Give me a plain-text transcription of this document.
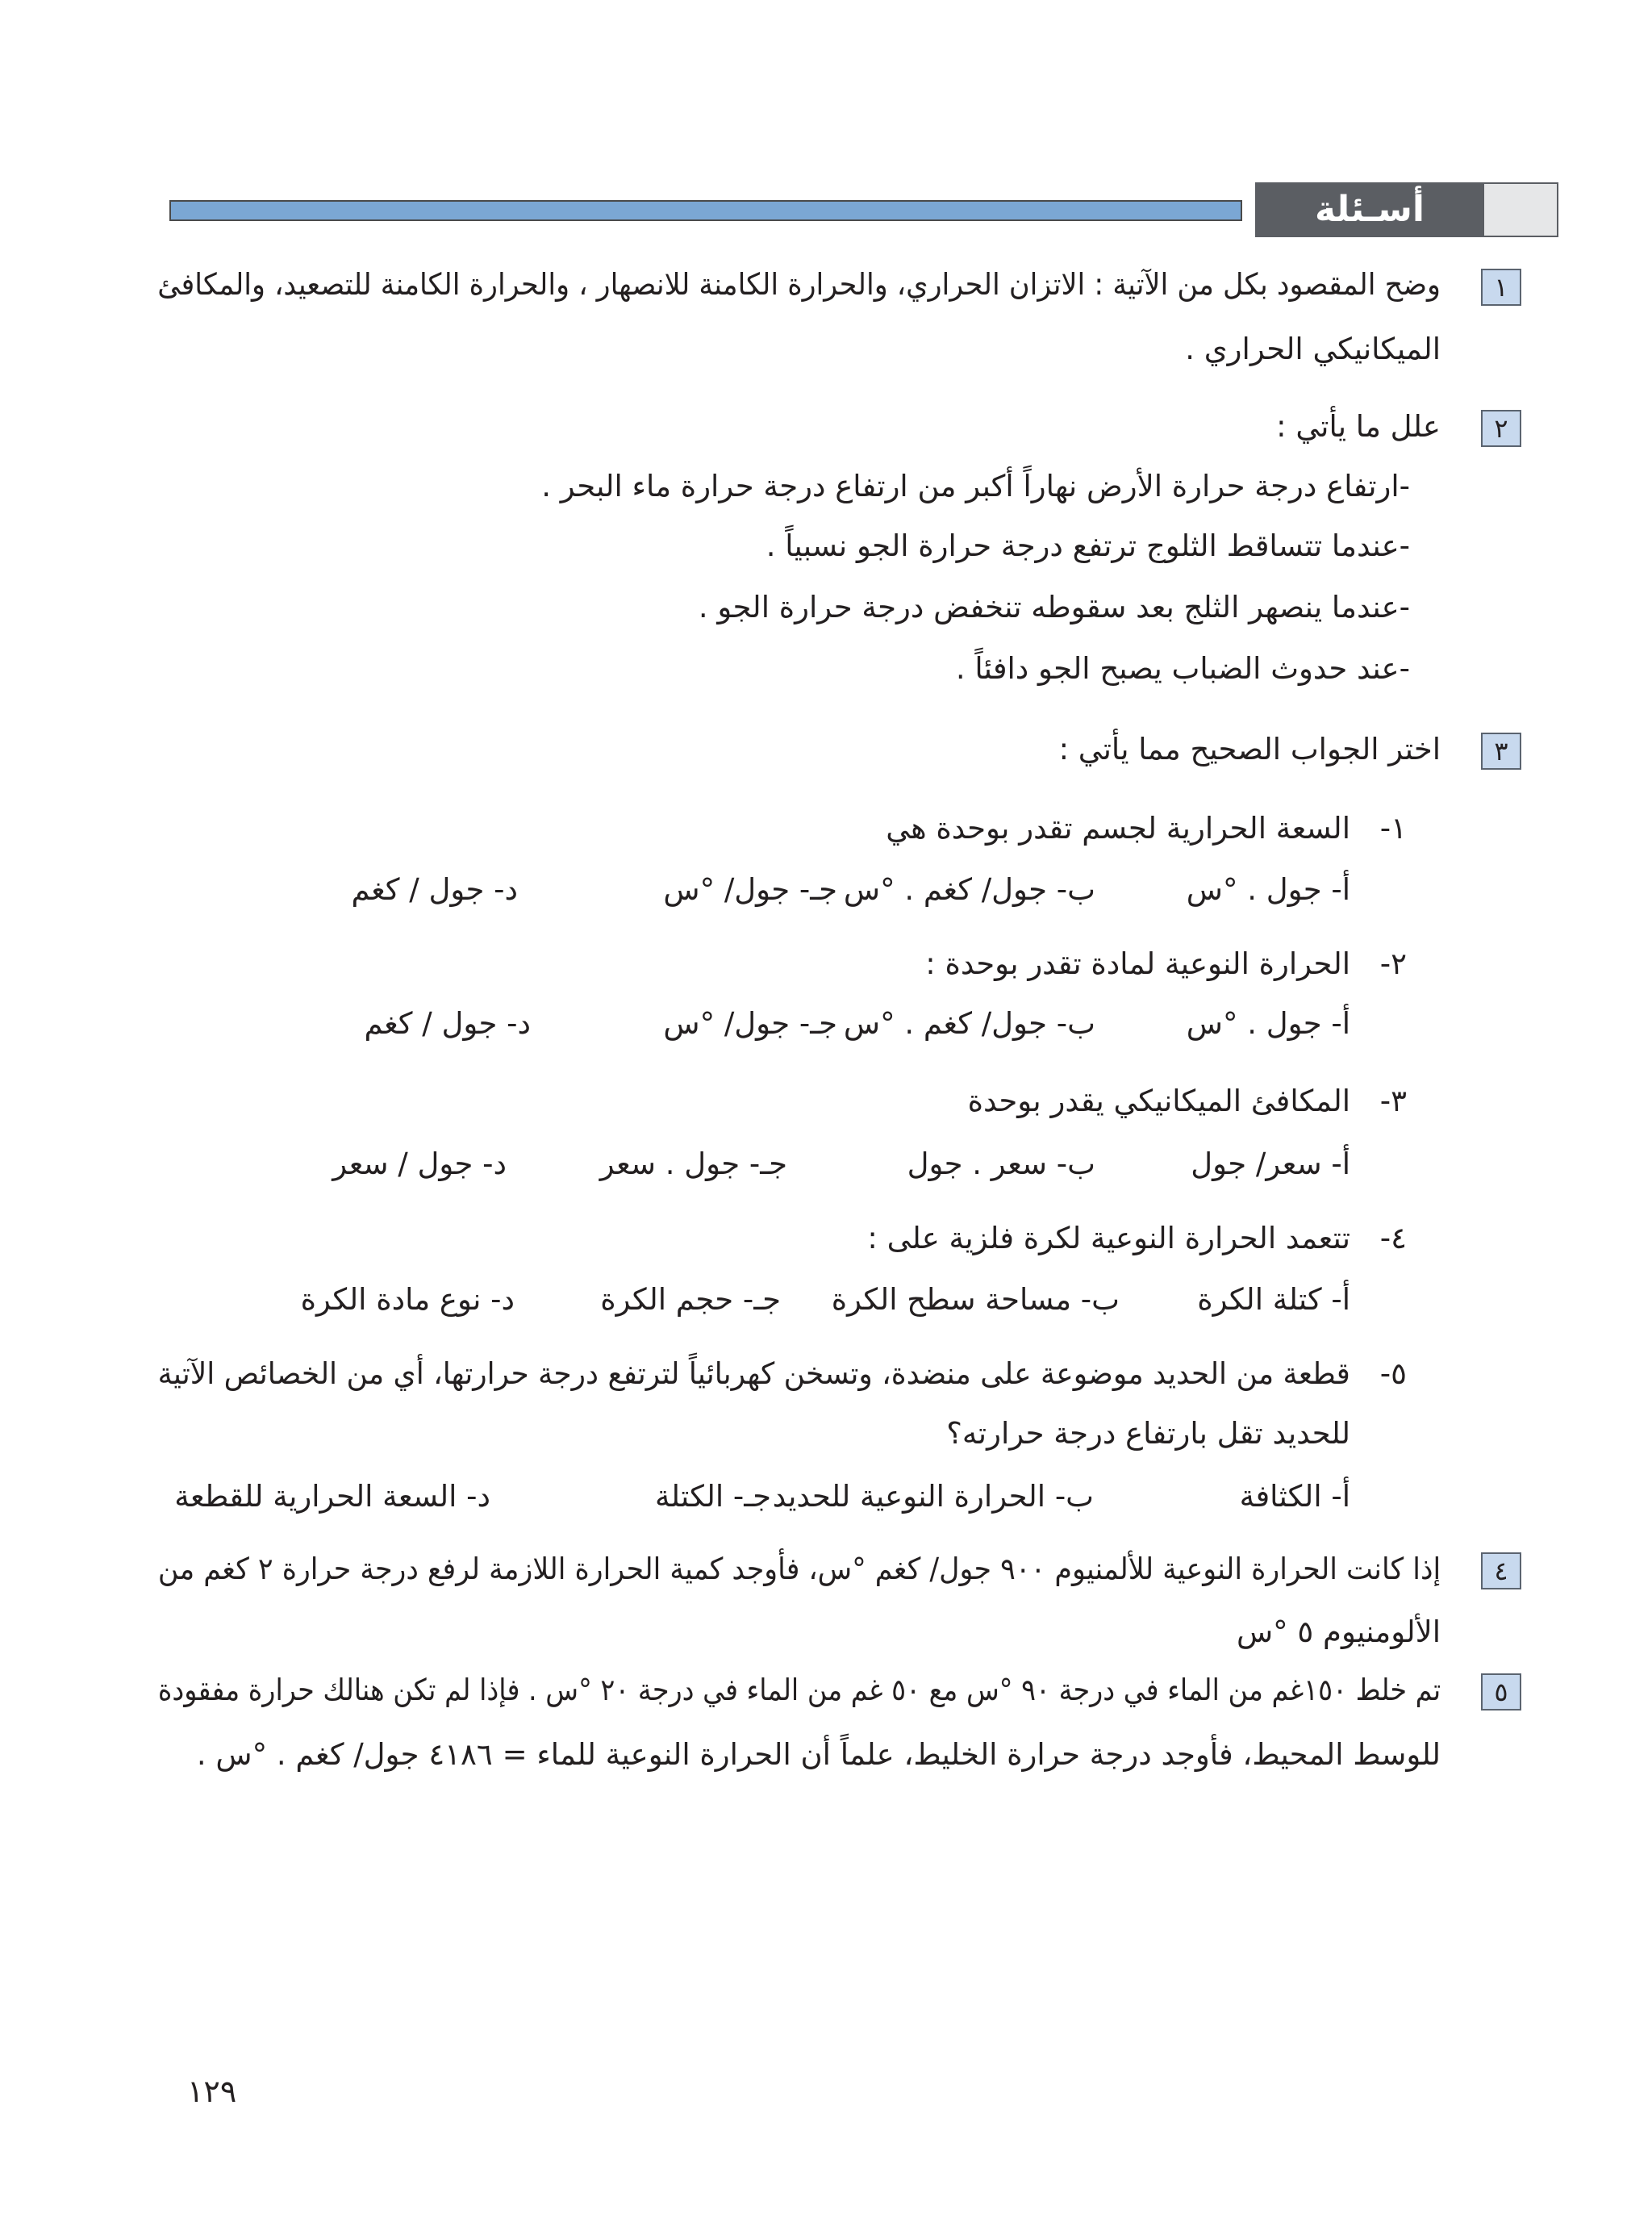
أسـئلة الوحدة
١
وضح المقصود بكل من الآتية : الاتزان الحراري، والحرارة الكامنة للانصهار ، والحرارة الكامنة للتصعيد، والمكافئ
الميكانيكي الحراري .
٢
علل ما يأتي :
-ارتفاع درجة حرارة الأرض نهاراً أكبر من ارتفاع درجة حرارة ماء البحر .
-عندما تتساقط الثلوج ترتفع درجة حرارة الجو نسبياً .
-عندما ينصهر الثلج بعد سقوطه تنخفض درجة حرارة الجو .
-عند حدوث الضباب يصبح الجو دافئاً .
٣
اختر الجواب الصحيح مما يأتي :
١-
السعة الحرارية لجسم تقدر بوحدة هي
أ- جول . °س
ب- جول/ كغم . °س
جـ- جول/ °س
د- جول / كغم
٢-
الحرارة النوعية لمادة تقدر بوحدة :
أ- جول . °س
ب- جول/ كغم . °س
جـ- جول/ °س
د- جول / كغم
٣-
المكافئ الميكانيكي يقدر بوحدة
أ- سعر/ جول
ب- سعر . جول
جـ- جول . سعر
د- جول / سعر
٤-
تتعمد الحرارة النوعية لكرة فلزية على :
أ- كتلة الكرة
ب- مساحة سطح الكرة
جـ- حجم الكرة
د- نوع مادة الكرة
٥-
قطعة من الحديد موضوعة على منضدة، وتسخن كهربائياً لترتفع درجة حرارتها، أي من الخصائص الآتية
للحديد تقل بارتفاع درجة حرارته؟
أ- الكثافة
ب- الحرارة النوعية للحديد
جـ- الكتلة
د- السعة الحرارية للقطعة
٤
إذا كانت الحرارة النوعية للألمنيوم ٩٠٠ جول/ كغم °س، فأوجد كمية الحرارة اللازمة لرفع درجة حرارة ٢ كغم من
الألومنيوم ٥ °س
٥
تم خلط ١٥٠غم من الماء في درجة ٩٠ °س مع ٥٠ غم من الماء في درجة ٢٠ °س . فإذا لم تكن هنالك حرارة مفقودة
للوسط المحيط، فأوجد درجة حرارة الخليط، علماً أن الحرارة النوعية للماء = ٤١٨٦ جول/ كغم . °س .
١٢٩
